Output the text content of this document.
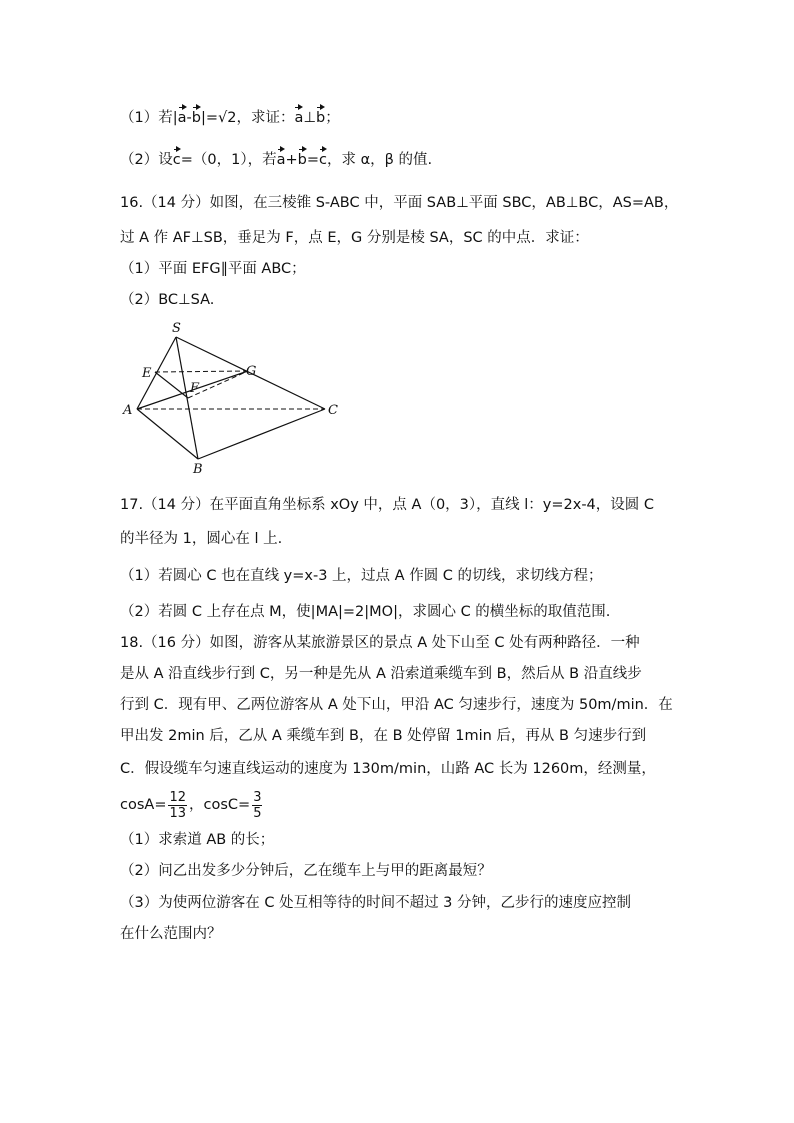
（1）若|a-b|=√2，求证：a⊥b；
（2）设c=（0，1），若a+b=c，求 α，β 的值.
16.（14 分）如图，在三棱锥 S-ABC 中，平面 SAB⊥平面 SBC，AB⊥BC，AS=AB，
过 A 作 AF⊥SB，垂足为 F，点 E，G 分别是棱 SA，SC 的中点．求证：
（1）平面 EFG∥平面 ABC；
（2）BC⊥SA.
S
E	G
F
A	C
B
17.（14 分）在平面直角坐标系 xOy 中，点 A（0，3），直线 l：y=2x-4，设圆 C
的半径为 1，圆心在 l 上.
（1）若圆心 C 也在直线 y=x-3 上，过点 A 作圆 C 的切线，求切线方程；
（2）若圆 C 上存在点 M，使|MA|=2|MO|，求圆心 C 的横坐标的取值范围.
18.（16 分）如图，游客从某旅游景区的景点 A 处下山至 C 处有两种路径．一种
是从 A 沿直线步行到 C，另一种是先从 A 沿索道乘缆车到 B，然后从 B 沿直线步
行到 C．现有甲、乙两位游客从 A 处下山，甲沿 AC 匀速步行，速度为 50m/min．在
甲出发 2min 后，乙从 A 乘缆车到 B，在 B 处停留 1min 后，再从 B 匀速步行到
C．假设缆车匀速直线运动的速度为 130m/min，山路 AC 长为 1260m，经测量，
$\cos A= \frac{12}{13}$ ，$\cos C= \frac{3}{5}$
（1）求索道 AB 的长；
（2）问乙出发多少分钟后，乙在缆车上与甲的距离最短？
（3）为使两位游客在 C 处互相等待的时间不超过 3 分钟，乙步行的速度应控制
在什么范围内？
